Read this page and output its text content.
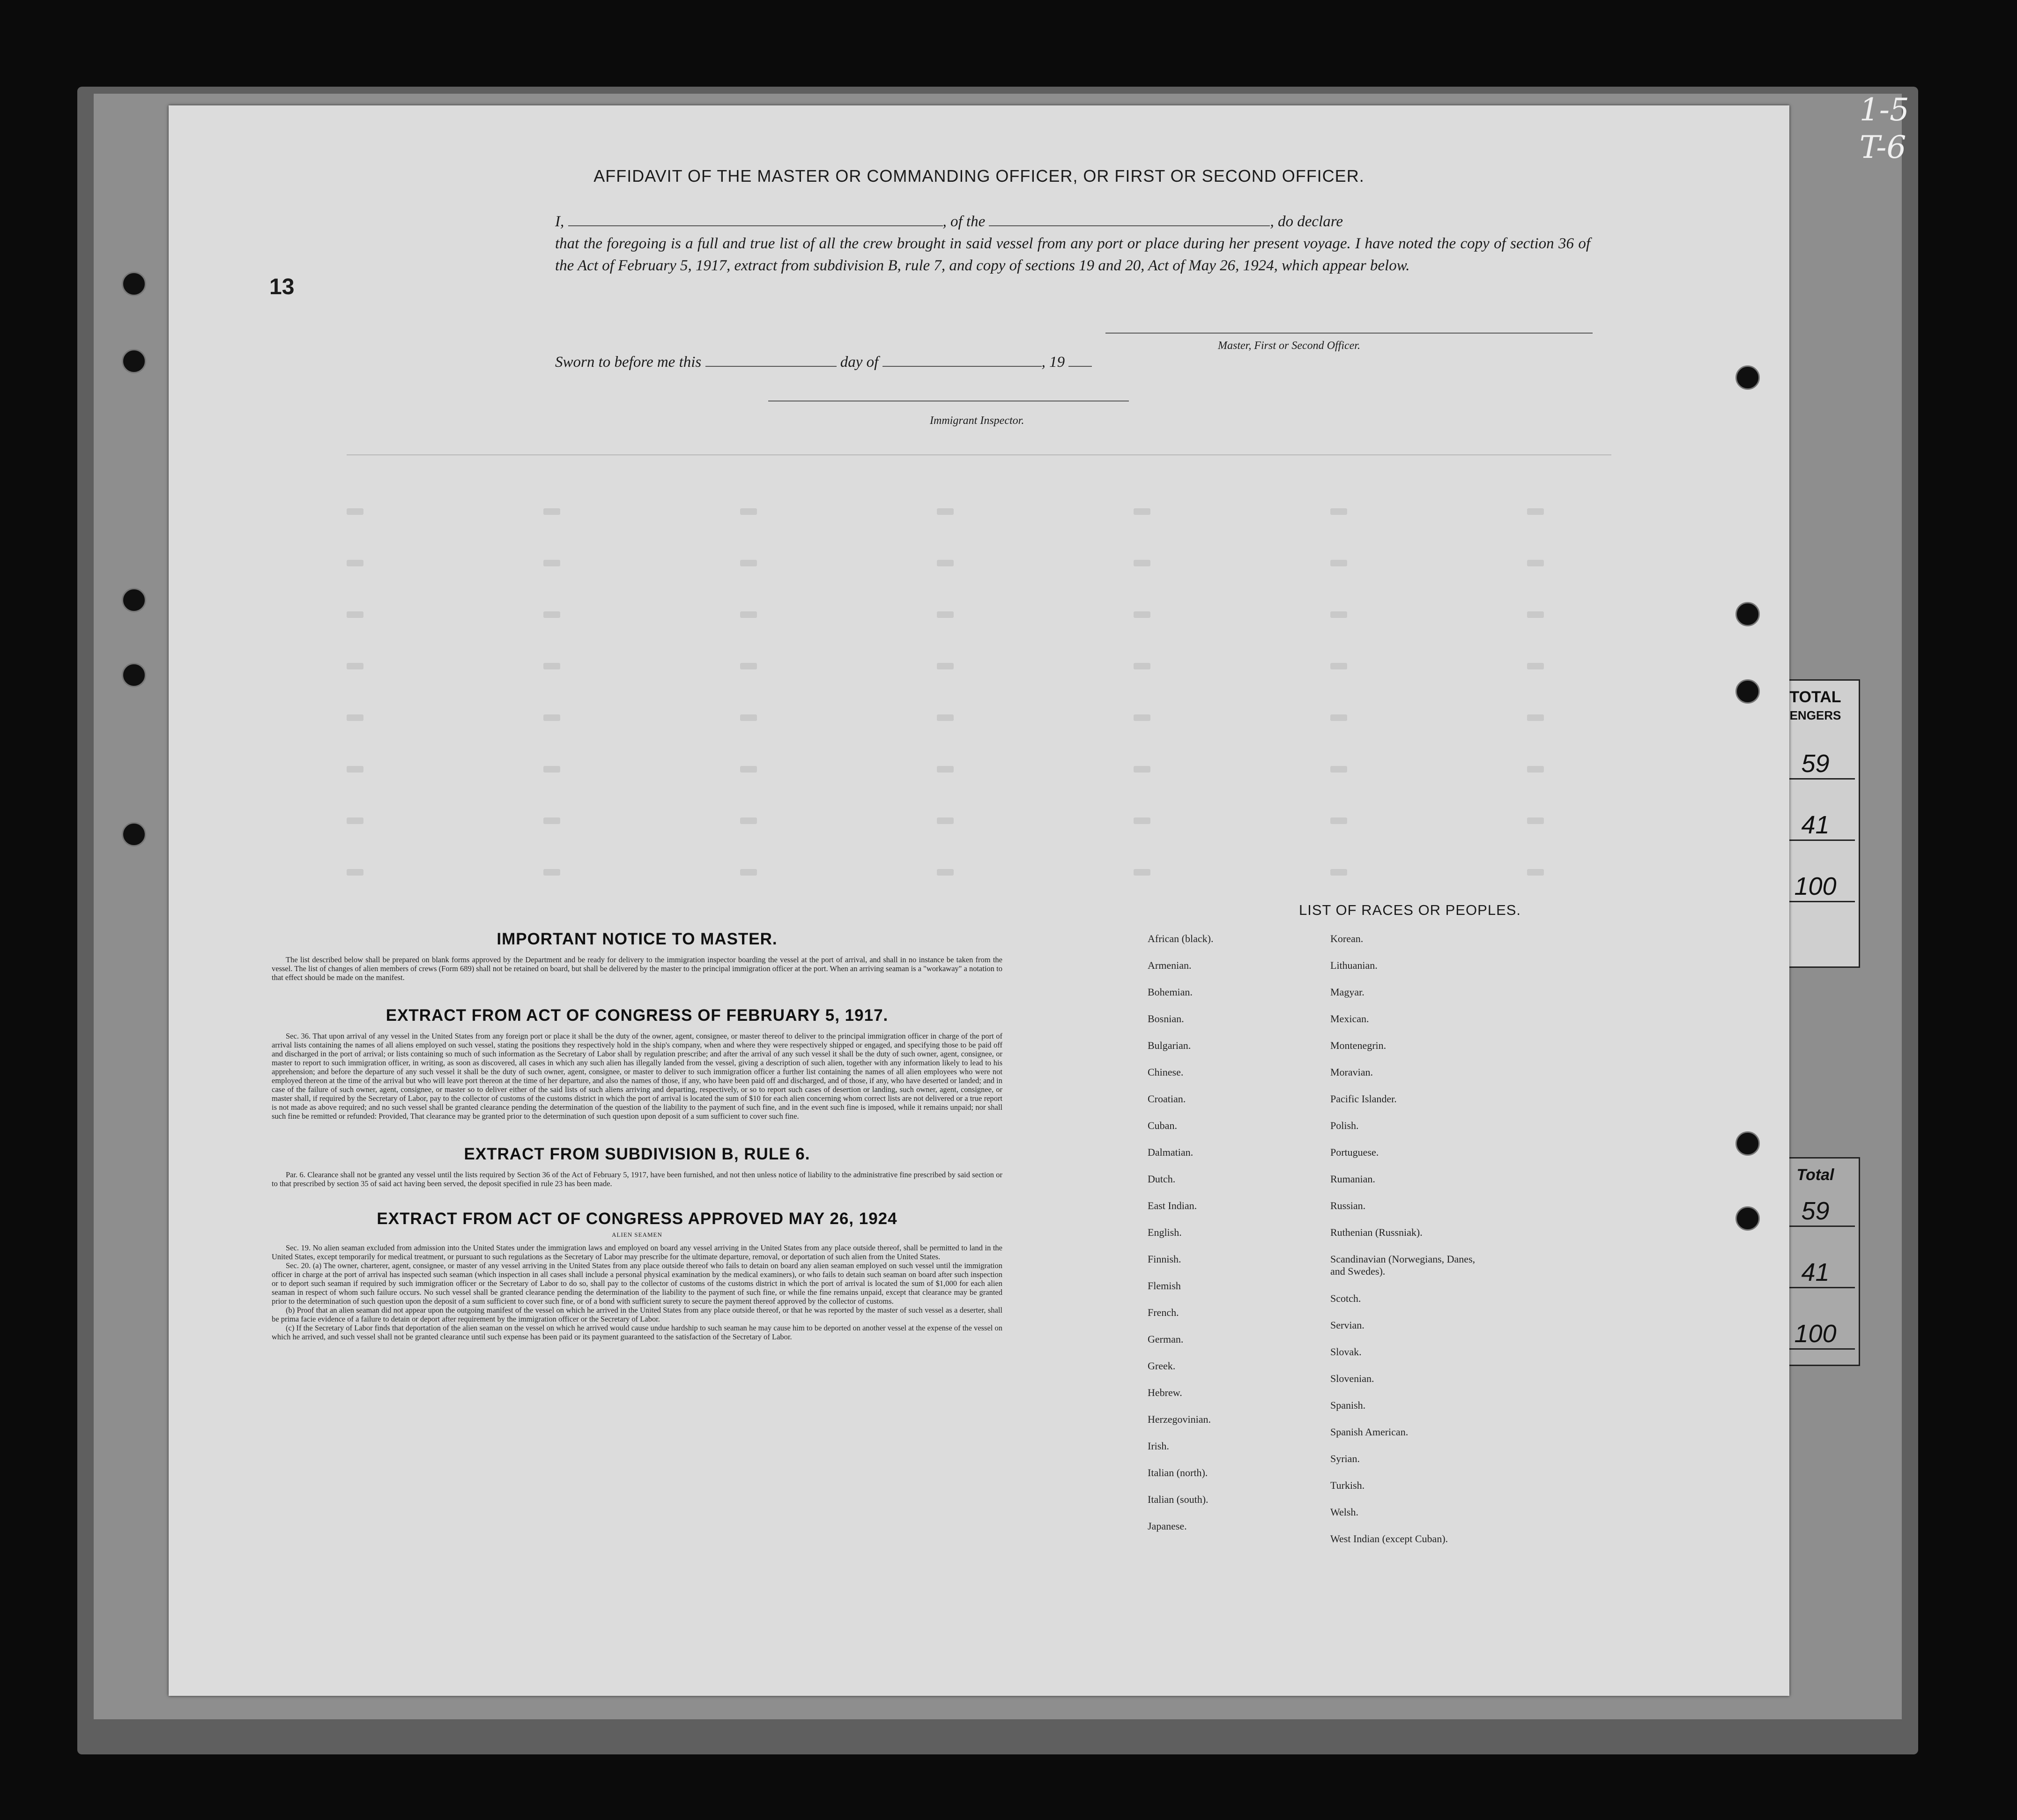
1-5
T-6
TOTAL
ENGERS
59
41
100
Total
59
41
100
13
AFFIDAVIT OF THE MASTER OR COMMANDING OFFICER, OR FIRST OR SECOND OFFICER.
I,	, of the	, do declare
that the foregoing is a full and true list of all the crew brought in said vessel from any port or place during her present voyage. I have noted the copy of section 36 of the Act of February 5, 1917, extract from subdivision B, rule 7, and copy of sections 19 and 20, Act of May 26, 1924, which appear below.
Master, First or Second Officer.
Sworn to before me this	day of	, 19
Immigrant Inspector.
IMPORTANT NOTICE TO MASTER.

The list described below shall be prepared on blank forms approved by the Department and be ready for delivery to the immigration inspector boarding the vessel at the port of arrival, and shall in no instance be taken from the vessel. The list of changes of alien members of crews (Form 689) shall not be retained on board, but shall be delivered by the master to the principal immigration officer at the port. When an arriving seaman is a "workaway" a notation to that effect should be made on the manifest.

EXTRACT FROM ACT OF CONGRESS OF FEBRUARY 5, 1917.

Sec. 36. That upon arrival of any vessel in the United States from any foreign port or place it shall be the duty of the owner, agent, consignee, or master thereof to deliver to the principal immigration officer in charge of the port of arrival lists containing the names of all aliens employed on such vessel, stating the positions they respectively hold in the ship's company, when and where they were respectively shipped or engaged, and specifying those to be paid off and discharged in the port of arrival; or lists containing so much of such information as the Secretary of Labor shall by regulation prescribe; and after the arrival of any such vessel it shall be the duty of such owner, agent, consignee, or master to report to such immigration officer, in writing, as soon as discovered, all cases in which any such alien has illegally landed from the vessel, giving a description of such alien, together with any information likely to lead to his apprehension; and before the departure of any such vessel it shall be the duty of such owner, agent, consignee, or master to deliver to such immigration officer a further list containing the names of all alien employees who were not employed thereon at the time of the arrival but who will leave port thereon at the time of her departure, and also the names of those, if any, who have been paid off and discharged, and of those, if any, who have deserted or landed; and in case of the failure of such owner, agent, consignee, or master so to deliver either of the said lists of such aliens arriving and departing, respectively, or so to report such cases of desertion or landing, such owner, agent, consignee, or master shall, if required by the Secretary of Labor, pay to the collector of customs of the customs district in which the port of arrival is located the sum of $10 for each alien concerning whom correct lists are not delivered or a true report is not made as above required; and no such vessel shall be granted clearance pending the determination of the question of the liability to the payment of such fine, and in the event such fine is imposed, while it remains unpaid; nor shall such fine be remitted or refunded: Provided, That clearance may be granted prior to the determination of such question upon deposit of a sum sufficient to cover such fine.

EXTRACT FROM SUBDIVISION B, RULE 6.

Par. 6. Clearance shall not be granted any vessel until the lists required by Section 36 of the Act of February 5, 1917, have been furnished, and not then unless notice of liability to the administrative fine prescribed by said section or to that prescribed by section 35 of said act having been served, the deposit specified in rule 23 has been made.

EXTRACT FROM ACT OF CONGRESS APPROVED MAY 26, 1924

ALIEN SEAMEN

Sec. 19. No alien seaman excluded from admission into the United States under the immigration laws and employed on board any vessel arriving in the United States from any place outside thereof, shall be permitted to land in the United States, except temporarily for medical treatment, or pursuant to such regulations as the Secretary of Labor may prescribe for the ultimate departure, removal, or deportation of such alien from the United States.

Sec. 20. (a) The owner, charterer, agent, consignee, or master of any vessel arriving in the United States from any place outside thereof who fails to detain on board any alien seaman employed on such vessel until the immigration officer in charge at the port of arrival has inspected such seaman (which inspection in all cases shall include a personal physical examination by the medical examiners), or who fails to detain such seaman on board after such inspection or to deport such seaman if required by such immigration officer or the Secretary of Labor to do so, shall pay to the collector of customs of the customs district in which the port of arrival is located the sum of $1,000 for each alien seaman in respect of whom such failure occurs. No such vessel shall be granted clearance pending the determination of the liability to the payment of such fine, or while the fine remains unpaid, except that clearance may be granted prior to the determination of such question upon the deposit of a sum sufficient to cover such fine, or of a bond with sufficient surety to secure the payment thereof approved by the collector of customs.

(b) Proof that an alien seaman did not appear upon the outgoing manifest of the vessel on which he arrived in the United States from any place outside thereof, or that he was reported by the master of such vessel as a deserter, shall be prima facie evidence of a failure to detain or deport after requirement by the immigration officer or the Secretary of Labor.

(c) If the Secretary of Labor finds that deportation of the alien seaman on the vessel on which he arrived would cause undue hardship to such seaman he may cause him to be deported on another vessel at the expense of the vessel on which he arrived, and such vessel shall not be granted clearance until such expense has been paid or its payment guaranteed to the satisfaction of the Secretary of Labor.

LIST OF RACES OR PEOPLES.
African (black).
Armenian.
Bohemian.
Bosnian.
Bulgarian.
Chinese.
Croatian.
Cuban.
Dalmatian.
Dutch.
East Indian.
English.
Finnish.
Flemish
French.
German.
Greek.
Hebrew.
Herzegovinian.
Irish.
Italian (north).
Italian (south).
Japanese.
Korean.
Lithuanian.
Magyar.
Mexican.
Montenegrin.
Moravian.
Pacific Islander.
Polish.
Portuguese.
Rumanian.
Russian.
Ruthenian (Russniak).
Scandinavian (Norwegians, Danes, and Swedes).
Scotch.
Servian.
Slovak.
Slovenian.
Spanish.
Spanish American.
Syrian.
Turkish.
Welsh.
West Indian (except Cuban).
